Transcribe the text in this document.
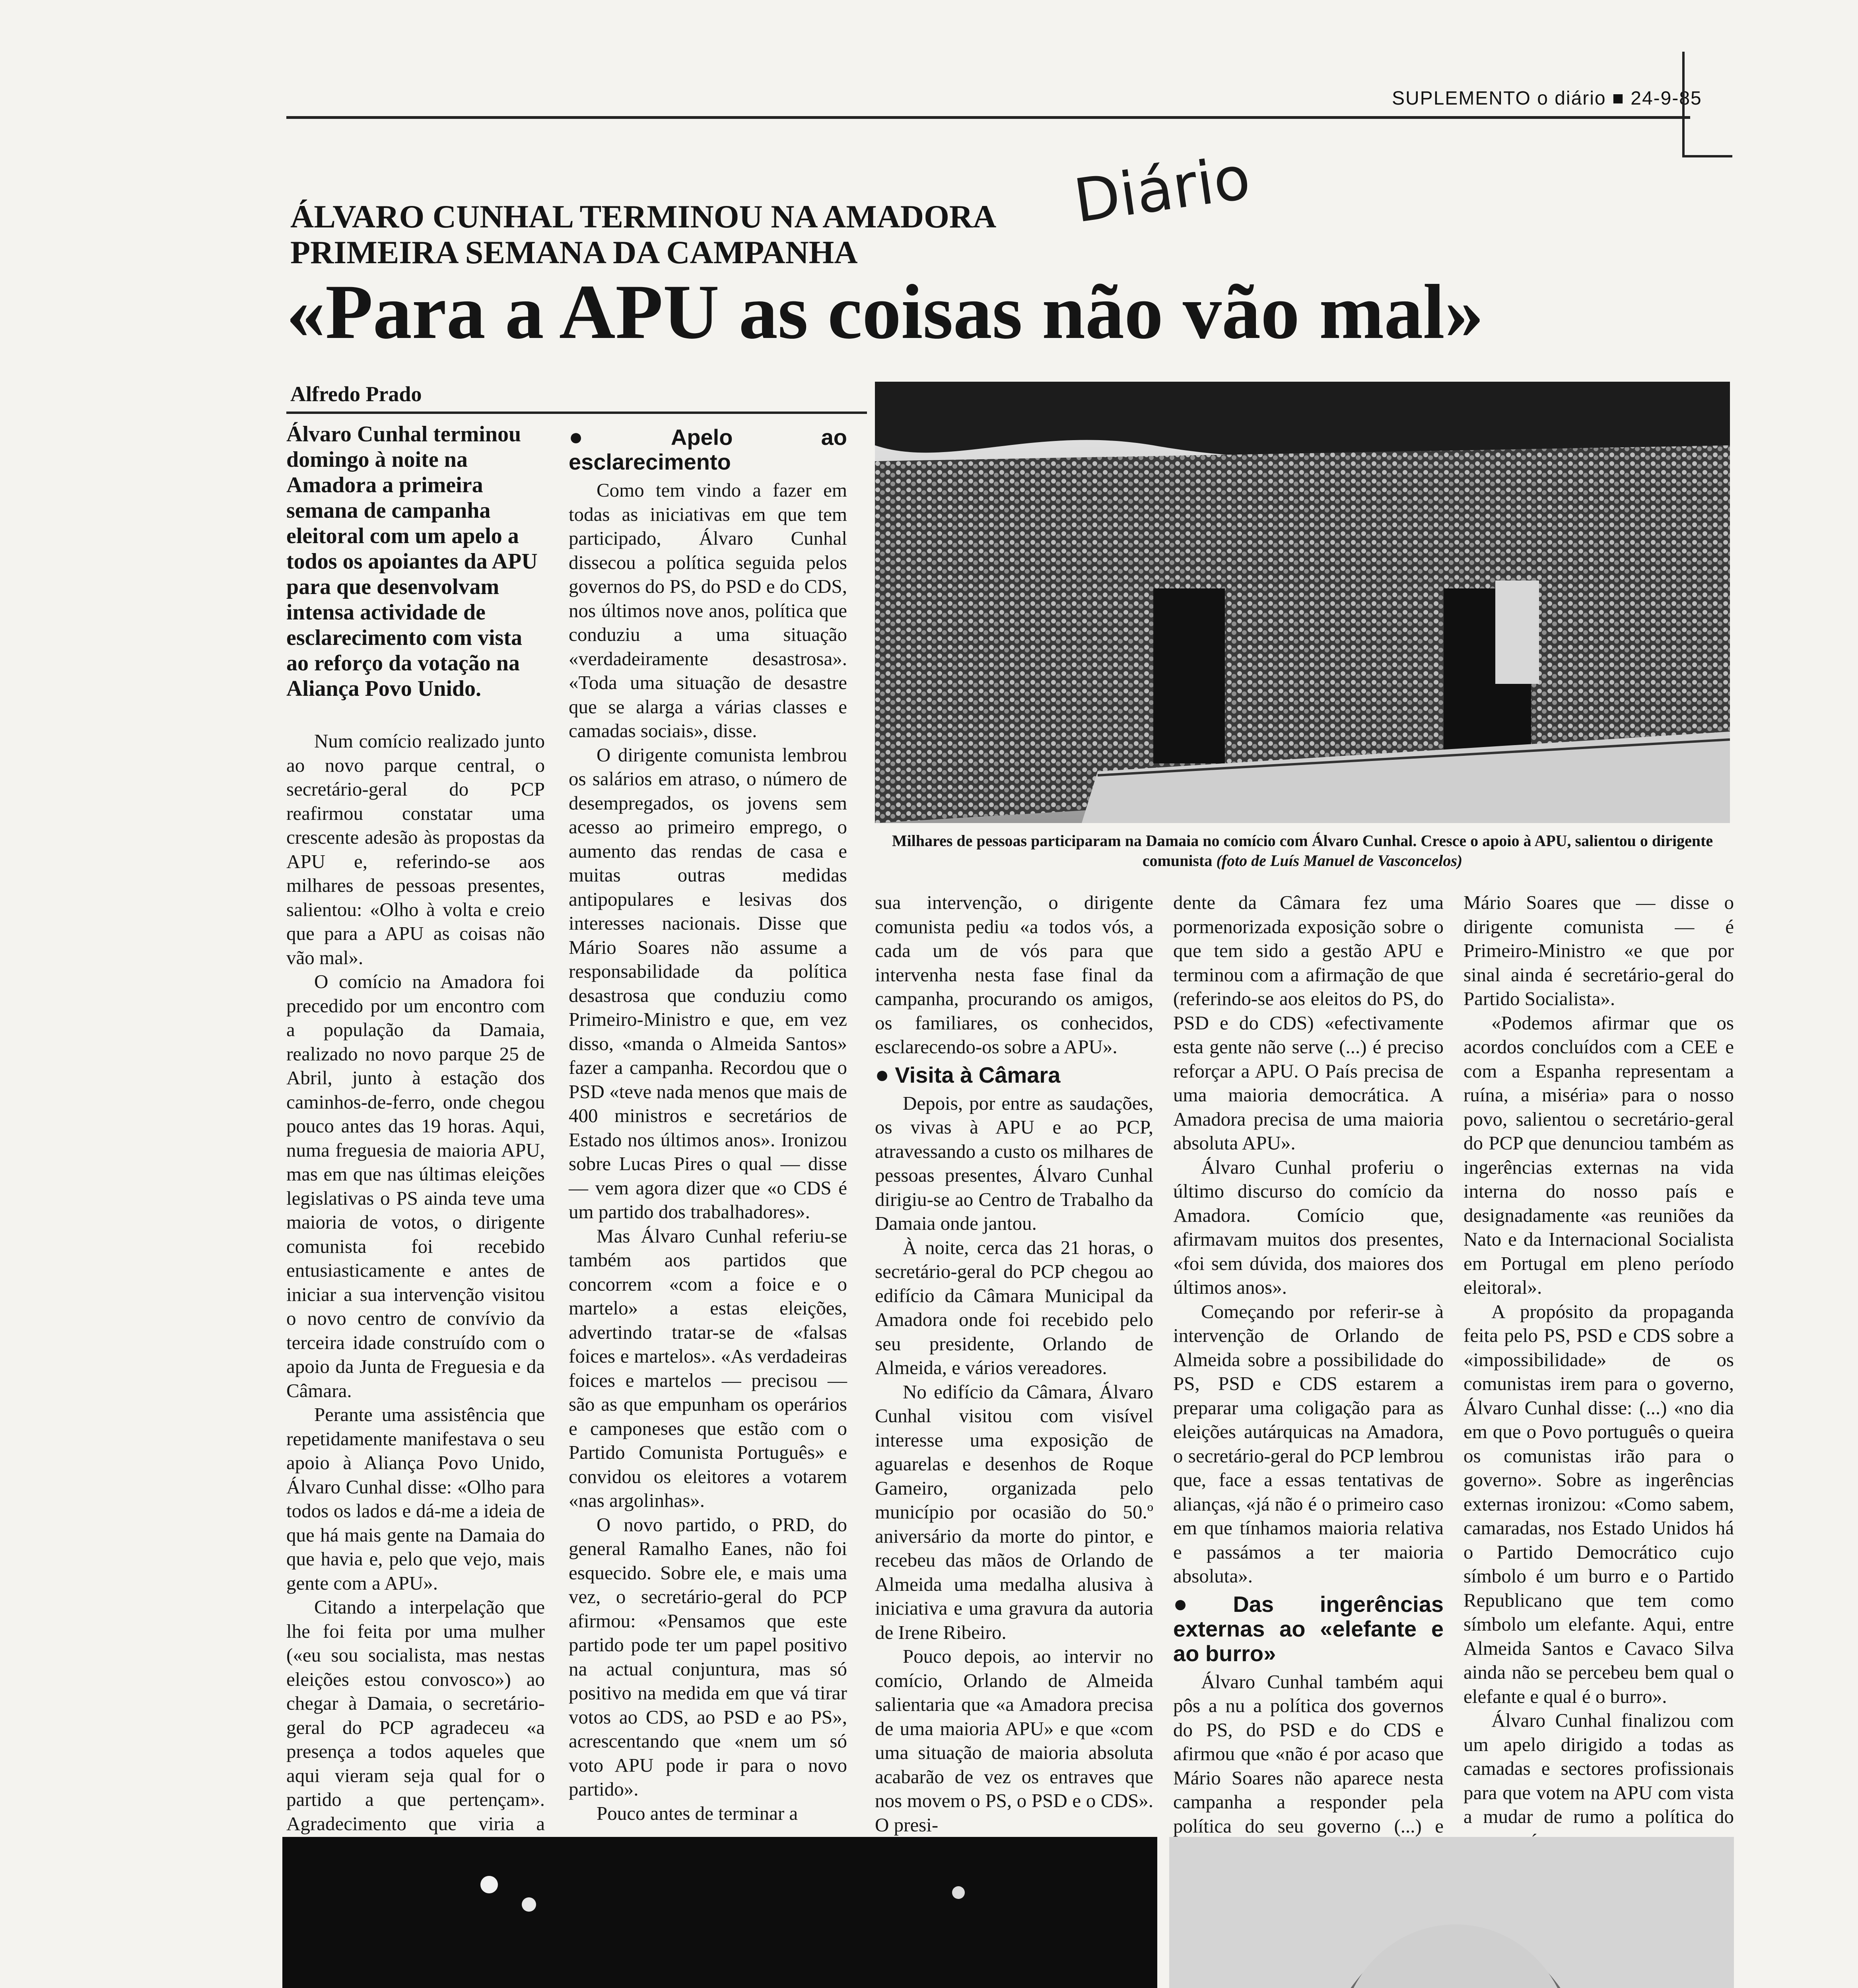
SUPLEMENTO o diário ■ 24-9-85
Diário
ÁLVARO CUNHAL TERMINOU NA AMADORA
PRIMEIRA SEMANA DA CAMPANHA
«Para a APU as coisas não vão mal»
Alfredo Prado

Álvaro Cunhal terminou domingo à noite na Amadora a primeira semana de campanha eleitoral com um apelo a todos os apoiantes da APU para que desenvolvam intensa actividade de esclarecimento com vista ao reforço da votação na Aliança Povo Unido.

Num comício realizado junto ao novo parque central, o secretário-geral do PCP reafirmou constatar uma crescente adesão às propostas da APU e, referindo-se aos milhares de pessoas presentes, salientou: «Olho à volta e creio que para a APU as coisas não vão mal».

O comício na Amadora foi precedido por um encontro com a população da Damaia, realizado no novo parque 25 de Abril, junto à estação dos caminhos-de-ferro, onde chegou pouco antes das 19 horas. Aqui, numa freguesia de maioria APU, mas em que nas últimas eleições legislativas o PS ainda teve uma maioria de votos, o dirigente comunista foi recebido entusiasticamente e antes de iniciar a sua intervenção visitou o novo centro de convívio da terceira idade construído com o apoio da Junta de Freguesia e da Câmara.

Perante uma assistência que repetidamente manifestava o seu apoio à Aliança Povo Unido, Álvaro Cunhal disse: «Olho para todos os lados e dá-me a ideia de que há mais gente na Damaia do que havia e, pelo que vejo, mais gente com a APU».

Citando a interpelação que lhe foi feita por uma mulher («eu sou socialista, mas nestas eleições estou convosco») ao chegar à Damaia, o secretário-geral do PCP agradeceu «a presença a todos aqueles que aqui vieram seja qual for o partido a que pertençam». Agradecimento que viria a

● Apelo ao esclarecimento

Como tem vindo a fazer em todas as iniciativas em que tem participado, Álvaro Cunhal dissecou a política seguida pelos governos do PS, do PSD e do CDS, nos últimos nove anos, política que conduziu a uma situação «verdadeiramente desastrosa». «Toda uma situação de desastre que se alarga a várias classes e camadas sociais», disse.

O dirigente comunista lembrou os salários em atraso, o número de desempregados, os jovens sem acesso ao primeiro emprego, o aumento das rendas de casa e muitas outras medidas antipopulares e lesivas dos interesses nacionais. Disse que Mário Soares não assume a responsabilidade da política desastrosa que conduziu como Primeiro-Ministro e que, em vez disso, «manda o Almeida Santos» fazer a campanha. Recordou que o PSD «teve nada menos que mais de 400 ministros e secretários de Estado nos últimos anos». Ironizou sobre Lucas Pires o qual — disse — vem agora dizer que «o CDS é um partido dos trabalhadores».

Mas Álvaro Cunhal referiu-se também aos partidos que concorrem «com a foice e o martelo» a estas eleições, advertindo tratar-se de «falsas foices e martelos». «As verdadeiras foices e martelos — precisou — são as que empunham os operários e camponeses que estão com o Partido Comunista Português» e convidou os eleitores a votarem «nas argolinhas».

O novo partido, o PRD, do general Ramalho Eanes, não foi esquecido. Sobre ele, e mais uma vez, o secretário-geral do PCP afirmou: «Pensamos que este partido pode ter um papel positivo na actual conjuntura, mas só positivo na medida em que vá tirar votos ao CDS, ao PSD e ao PS», acrescentando que «nem um só voto APU pode ir para o novo partido».

Pouco antes de terminar a

Milhares de pessoas participaram na Damaia no comício com Álvaro Cunhal. Cresce o apoio à APU, salientou o dirigente comunista (foto de Luís Manuel de Vasconcelos)

sua intervenção, o dirigente comunista pediu «a todos vós, a cada um de vós para que intervenha nesta fase final da campanha, procurando os amigos, os familiares, os conhecidos, esclarecendo-os sobre a APU».

● Visita à Câmara

Depois, por entre as saudações, os vivas à APU e ao PCP, atravessando a custo os milhares de pessoas presentes, Álvaro Cunhal dirigiu-se ao Centro de Trabalho da Damaia onde jantou.

À noite, cerca das 21 horas, o secretário-geral do PCP chegou ao edifício da Câmara Municipal da Amadora onde foi recebido pelo seu presidente, Orlando de Almeida, e vários vereadores.

No edifício da Câmara, Álvaro Cunhal visitou com visível interesse uma exposição de aguarelas e desenhos de Roque Gameiro, organizada pelo município por ocasião do 50.º aniversário da morte do pintor, e recebeu das mãos de Orlando de Almeida uma medalha alusiva à iniciativa e uma gravura da autoria de Irene Ribeiro.

Pouco depois, ao intervir no comício, Orlando de Almeida salientaria que «a Amadora precisa de uma maioria APU» e que «com uma situação de maioria absoluta acabarão de vez os entraves que nos movem o PS, o PSD e o CDS». O presi-

dente da Câmara fez uma pormenorizada exposição sobre o que tem sido a gestão APU e terminou com a afirmação de que (referindo-se aos eleitos do PS, do PSD e do CDS) «efectivamente esta gente não serve (...) é preciso reforçar a APU. O País precisa de uma maioria democrática. A Amadora precisa de uma maioria absoluta APU».

Álvaro Cunhal proferiu o último discurso do comício da Amadora. Comício que, afirmavam muitos dos presentes, «foi sem dúvida, dos maiores dos últimos anos».

Começando por referir-se à intervenção de Orlando de Almeida sobre a possibilidade do PS, PSD e CDS estarem a preparar uma coligação para as eleições autárquicas na Amadora, o secretário-geral do PCP lembrou que, face a essas tentativas de alianças, «já não é o primeiro caso em que tínhamos maioria relativa e passámos a ter maioria absoluta».

● Das ingerências externas ao «elefante e ao burro»

Álvaro Cunhal também aqui pôs a nu a política dos governos do PS, do PSD e do CDS e afirmou que «não é por acaso que Mário Soares não aparece nesta campanha a responder pela política do seu governo (...) e

Mário Soares que — disse o dirigente comunista — é Primeiro-Ministro «e que por sinal ainda é secretário-geral do Partido Socialista».

«Podemos afirmar que os acordos concluídos com a CEE e com a Espanha representam a ruína, a miséria» para o nosso povo, salientou o secretário-geral do PCP que denunciou também as ingerências externas na vida interna do nosso país e designadamente «as reuniões da Nato e da Internacional Socialista em Portugal em pleno período eleitoral».

A propósito da propaganda feita pelo PS, PSD e CDS sobre a «impossibilidade» de os comunistas irem para o governo, Álvaro Cunhal disse: (...) «no dia em que o Povo português o queira os comunistas irão para o governo». Sobre as ingerências externas ironizou: «Como sabem, camaradas, nos Estado Unidos há o Partido Democrático cujo símbolo é um burro e o Partido Republicano que tem como símbolo um elefante. Aqui, entre Almeida Santos e Cavaco Silva ainda não se percebeu bem qual o elefante e qual é o burro».

Álvaro Cunhal finalizou com um apelo dirigido a todas as camadas e sectores profissionais para que votem na APU com vista a mudar de rumo a política do
